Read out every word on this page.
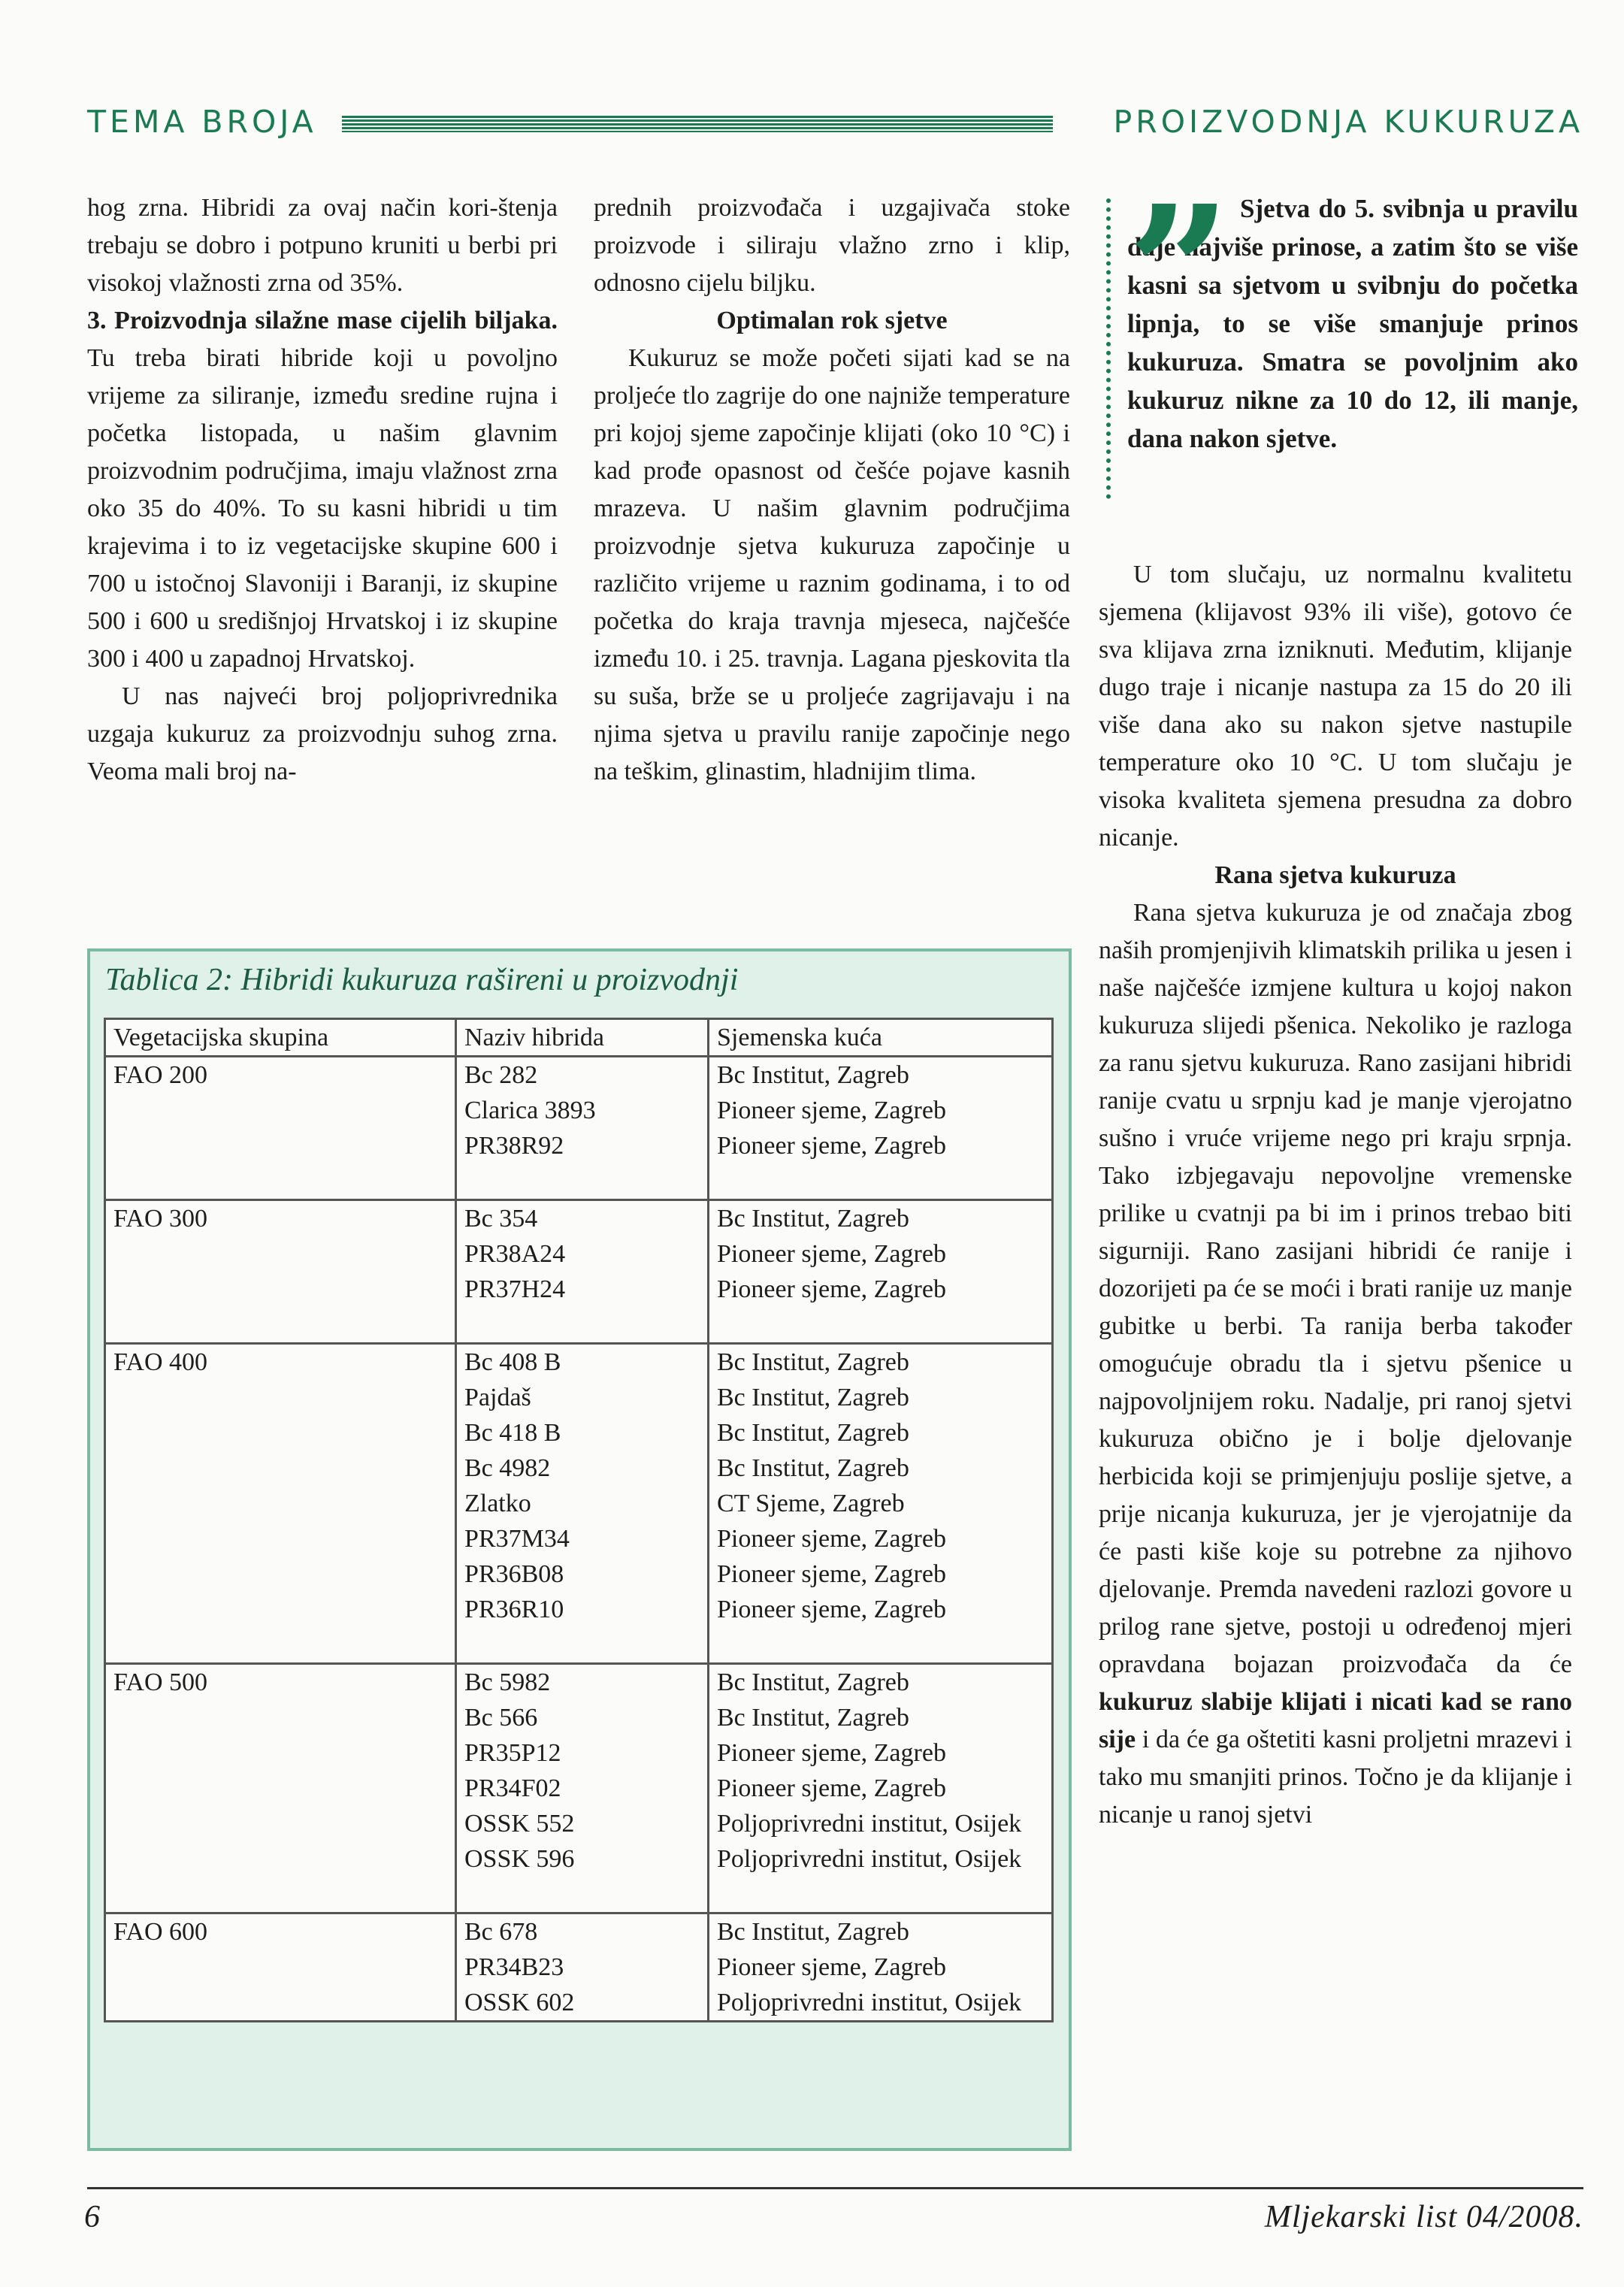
TEMA BROJA	PROIZVODNJA KUKURUZA

hog zrna. Hibridi za ovaj način kori-štenja trebaju se dobro i potpuno kruniti u berbi pri visokoj vlažnosti zrna od 35%.

3. Proizvodnja silažne mase cijelih biljaka. Tu treba birati hibride koji u povoljno vrijeme za siliranje, između sredine rujna i početka listopada, u našim glavnim proizvodnim područjima, imaju vlažnost zrna oko 35 do 40%. To su kasni hibridi u tim krajevima i to iz vegetacijske skupine 600 i 700 u istočnoj Slavoniji i Baranji, iz skupine 500 i 600 u središnjoj Hrvatskoj i iz skupine 300 i 400 u zapadnoj Hrvatskoj.

U nas najveći broj poljoprivrednika uzgaja kukuruz za proizvodnju suhog zrna. Veoma mali broj na-

prednih proizvođača i uzgajivača stoke proizvode i siliraju vlažno zrno i klip, odnosno cijelu biljku.

Optimalan rok sjetve

Kukuruz se može početi sijati kad se na proljeće tlo zagrije do one najniže temperature pri kojoj sjeme započinje klijati (oko 10 °C) i kad prođe opasnost od češće pojave kasnih mrazeva. U našim glavnim područjima proizvodnje sjetva kukuruza započinje u različito vrijeme u raznim godinama, i to od početka do kraja travnja mjeseca, najčešće između 10. i 25. travnja. Lagana pjeskovita tla su suša, brže se u proljeće zagrijavaju i na njima sjetva u pravilu ranije započinje nego na teškim, glinastim, hladnijim tlima.

Sjetva do 5. svibnja u pravilu daje najviše prinose, a zatim što se više kasni sa sjetvom u svibnju do početka lipnja, to se više smanjuje prinos kukuruza. Smatra se povoljnim ako kukuruz nikne za 10 do 12, ili manje, dana nakon sjetve.
”

U tom slučaju, uz normalnu kvalitetu sjemena (klijavost 93% ili više), gotovo će sva klijava zrna izniknuti. Međutim, klijanje dugo traje i nicanje nastupa za 15 do 20 ili više dana ako su nakon sjetve nastupile temperature oko 10 °C. U tom slučaju je visoka kvaliteta sjemena presudna za dobro nicanje.

Rana sjetva kukuruza

Rana sjetva kukuruza je od značaja zbog naših promjenjivih klimatskih prilika u jesen i naše najčešće izmjene kultura u kojoj nakon kukuruza slijedi pšenica. Nekoliko je razloga za ranu sjetvu kukuruza. Rano zasijani hibridi ranije cvatu u srpnju kad je manje vjerojatno sušno i vruće vrijeme nego pri kraju srpnja. Tako izbjegavaju nepovoljne vremenske prilike u cvatnji pa bi im i prinos trebao biti sigurniji. Rano zasijani hibridi će ranije i dozorijeti pa će se moći i brati ranije uz manje gubitke u berbi. Ta ranija berba također omogućuje obradu tla i sjetvu pšenice u najpovoljnijem roku. Nadalje, pri ranoj sjetvi kukuruza obično je i bolje djelovanje herbicida koji se primjenjuju poslije sjetve, a prije nicanja kukuruza, jer je vjerojatnije da će pasti kiše koje su potrebne za njihovo djelovanje. Premda navedeni razlozi govore u prilog rane sjetve, postoji u određenoj mjeri opravdana bojazan proizvođača da će kukuruz slabije klijati i nicati kad se rano sije i da će ga oštetiti kasni proljetni mrazevi i tako mu smanjiti prinos. Točno je da klijanje i nicanje u ranoj sjetvi

Tablica 2: Hibridi kukuruza rašireni u proizvodnji
Vegetacijska skupina	Naziv hibrida	Sjemenska kuća
FAO 200	Bc 282	Bc Institut, Zagreb
	Clarica 3893	Pioneer sjeme, Zagreb
	PR38R92	Pioneer sjeme, Zagreb

FAO 300	Bc 354	Bc Institut, Zagreb
	PR38A24	Pioneer sjeme, Zagreb
	PR37H24	Pioneer sjeme, Zagreb

FAO 400	Bc 408 B	Bc Institut, Zagreb
	Pajdaš	Bc Institut, Zagreb
	Bc 418 B	Bc Institut, Zagreb
	Bc 4982	Bc Institut, Zagreb
	Zlatko	CT Sjeme, Zagreb
	PR37M34	Pioneer sjeme, Zagreb
	PR36B08	Pioneer sjeme, Zagreb
	PR36R10	Pioneer sjeme, Zagreb

FAO 500	Bc 5982	Bc Institut, Zagreb
	Bc 566	Bc Institut, Zagreb
	PR35P12	Pioneer sjeme, Zagreb
	PR34F02	Pioneer sjeme, Zagreb
	OSSK 552	Poljoprivredni institut, Osijek
	OSSK 596	Poljoprivredni institut, Osijek

FAO 600	Bc 678	Bc Institut, Zagreb
	PR34B23	Pioneer sjeme, Zagreb
	OSSK 602	Poljoprivredni institut, Osijek
6	Mljekarski list 04/2008.
